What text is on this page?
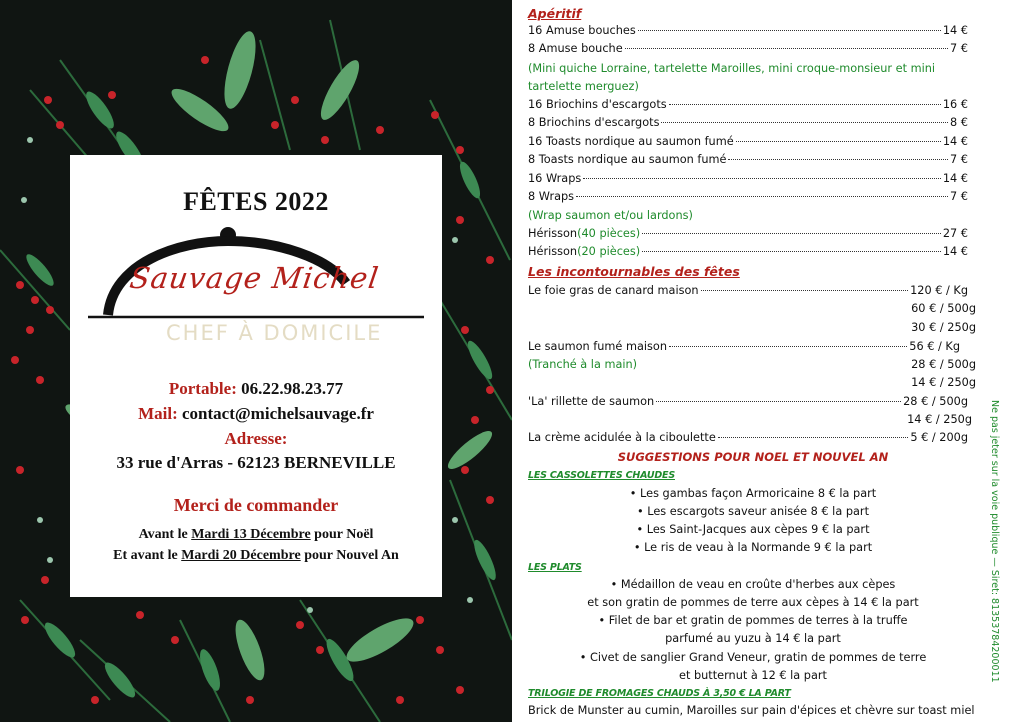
FÊTES 2022
Sauvage Michel
CHEF À DOMICILE
Portable: 06.22.98.23.77
Mail: contact@michelsauvage.fr
Adresse:
33 rue d'Arras - 62123 BERNEVILLE
Merci de commander
Avant le Mardi 13 Décembre pour Noël
Et avant le Mardi 20 Décembre pour Nouvel An
Apéritif
16 Amuse bouches	14 €
8 Amuse bouche	7 €
(Mini quiche Lorraine, tartelette Maroilles, mini croque-monsieur et mini
tartelette merguez)
16 Briochins d'escargots	16 €
8 Briochins d'escargots	8 €
16 Toasts nordique au saumon fumé	14 €
8 Toasts nordique au saumon fumé	7 €
16 Wraps	14 €
8 Wraps	7 €
(Wrap saumon et/ou lardons)
Hérisson (40 pièces)	27 €
Hérisson (20 pièces)	14 €
Les incontournables des fêtes
Le foie gras de canard maison	120 € / Kg
60 € / 500g
30 € / 250g
Le saumon fumé maison	56 € / Kg
(Tranché à la main)	28 € / 500g
14 € / 250g
'La' rillette de saumon	28 € / 500g
14 € / 250g
La crème acidulée à la ciboulette	5 € / 200g
SUGGESTIONS POUR NOEL ET NOUVEL AN
LES CASSOLETTES CHAUDES
• Les gambas façon Armoricaine 8 € la part
• Les escargots saveur anisée 8 € la part
• Les Saint-Jacques aux cèpes 9 € la part
• Le ris de veau à la Normande 9 € la part
LES PLATS
• Médaillon de veau en croûte d'herbes aux cèpes
et son gratin de pommes de terre aux cèpes à 14 € la part
• Filet de bar et gratin de pommes de terres à la truffe
parfumé au yuzu à 14 € la part
• Civet de sanglier Grand Veneur, gratin de pommes de terre
et butternut à 12 € la part
TRILOGIE DE FROMAGES CHAUDS À 3,50 € LA PART
Brick de Munster au cumin, Maroilles sur pain d'épices et chèvre sur toast miel
Ne pas jeter sur la voie publique — Siret: 81353784200011
